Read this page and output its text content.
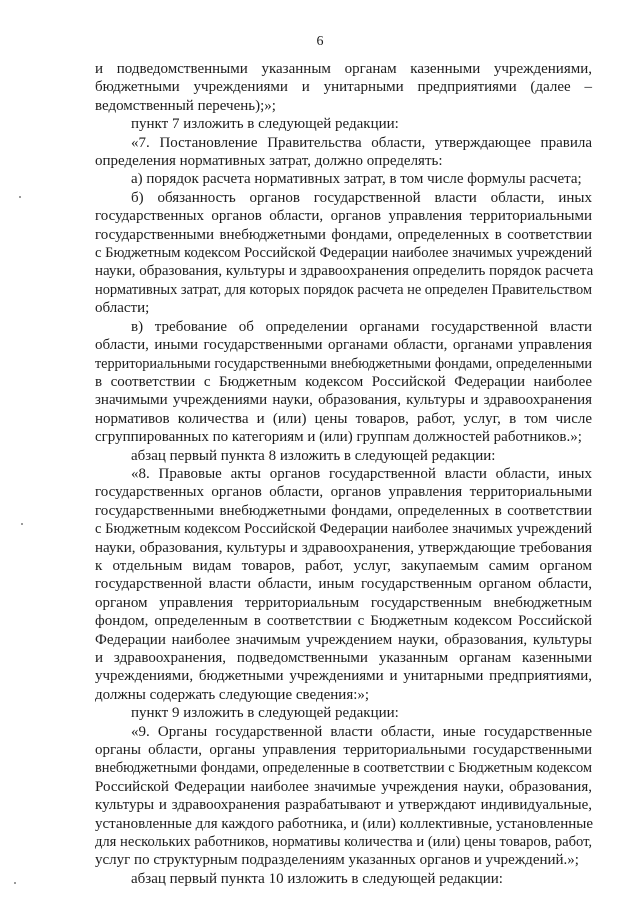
6
и подведомственными указанным органам казенными учреждениями,
бюджетными учреждениями и унитарными предприятиями (далее –
ведомственный перечень);»;
пункт 7 изложить в следующей редакции:
«7. Постановление Правительства области, утверждающее правила
определения нормативных затрат, должно определять:
а) порядок расчета нормативных затрат, в том числе формулы расчета;
б) обязанность органов государственной власти области, иных
государственных органов области, органов управления территориальными
государственными внебюджетными фондами, определенных в соответствии
с Бюджетным кодексом Российской Федерации наиболее значимых учреждений
науки, образования, культуры и здравоохранения определить порядок расчета
нормативных затрат, для которых порядок расчета не определен Правительством
области;
в) требование об определении органами государственной власти
области, иными государственными органами области, органами управления
территориальными государственными внебюджетными фондами, определенными
в соответствии с Бюджетным кодексом Российской Федерации наиболее
значимыми учреждениями науки, образования, культуры и здравоохранения
нормативов количества и (или) цены товаров, работ, услуг, в том числе
сгруппированных по категориям и (или) группам должностей работников.»;
абзац первый пункта 8 изложить в следующей редакции:
«8. Правовые акты органов государственной власти области, иных
государственных органов области, органов управления территориальными
государственными внебюджетными фондами, определенных в соответствии
с Бюджетным кодексом Российской Федерации наиболее значимых учреждений
науки, образования, культуры и здравоохранения, утверждающие требования
к отдельным видам товаров, работ, услуг, закупаемым самим органом
государственной власти области, иным государственным органом области,
органом управления территориальным государственным внебюджетным
фондом, определенным в соответствии с Бюджетным кодексом Российской
Федерации наиболее значимым учреждением науки, образования, культуры
и здравоохранения, подведомственными указанным органам казенными
учреждениями, бюджетными учреждениями и унитарными предприятиями,
должны содержать следующие сведения:»;
пункт 9 изложить в следующей редакции:
«9. Органы государственной власти области, иные государственные
органы области, органы управления территориальными государственными
внебюджетными фондами, определенные в соответствии с Бюджетным кодексом
Российской Федерации наиболее значимые учреждения науки, образования,
культуры и здравоохранения разрабатывают и утверждают индивидуальные,
установленные для каждого работника, и (или) коллективные, установленные
для нескольких работников, нормативы количества и (или) цены товаров, работ,
услуг по структурным подразделениям указанных органов и учреждений.»;
абзац первый пункта 10 изложить в следующей редакции:
